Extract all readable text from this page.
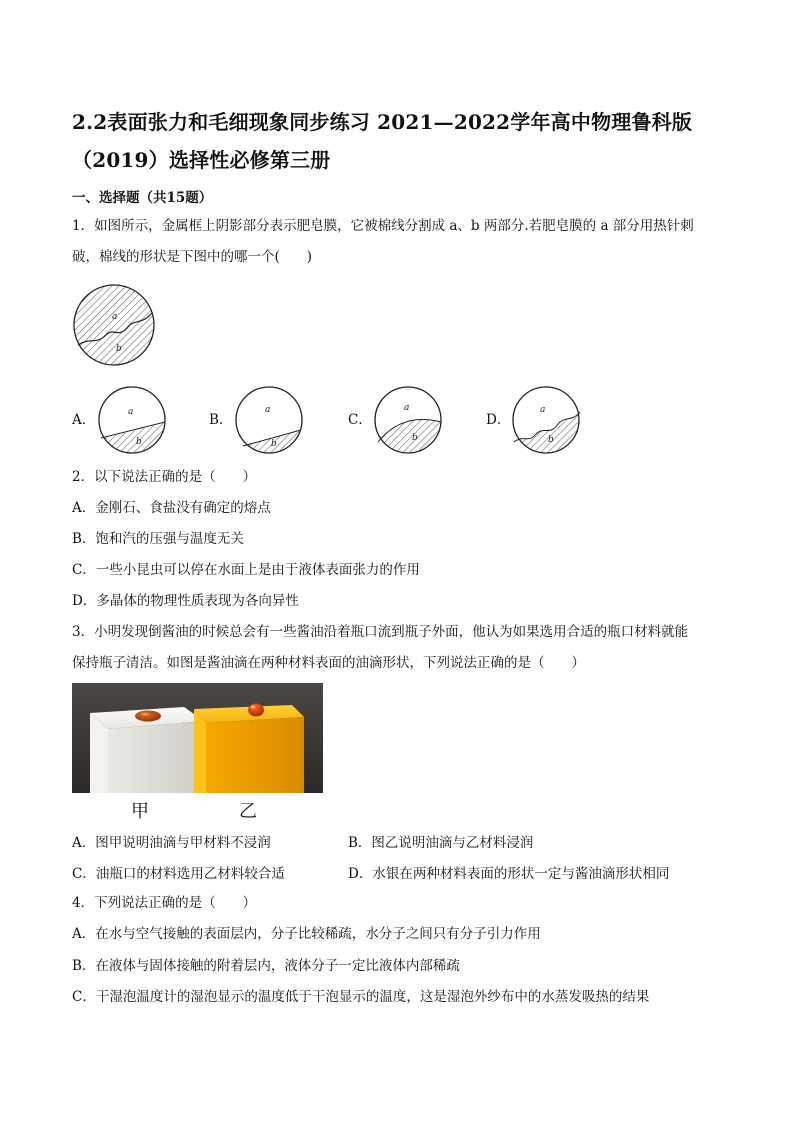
2.2表面张力和毛细现象同步练习 2021—2022学年高中物理鲁科版（2019）选择性必修第三册
一、选择题（共15题）
1．如图所示，金属框上阴影部分表示肥皂膜，它被棉线分割成 a、b 两部分.若肥皂膜的 a 部分用热针刺
破，棉线的形状是下图中的哪一个(　　)
a
b
A．	a
b
B．
a
b
C．
a
b
D．
a
b
2．以下说法正确的是（　　）
A．金刚石、食盐没有确定的熔点
B．饱和汽的压强与温度无关
C．一些小昆虫可以停在水面上是由于液体表面张力的作用
D．多晶体的物理性质表现为各向异性
3．小明发现倒酱油的时候总会有一些酱油沿着瓶口流到瓶子外面，他认为如果选用合适的瓶口材料就能
保持瓶子清洁。如图是酱油滴在两种材料表面的油滴形状，下列说法正确的是（　　）
甲	乙
A．图甲说明油滴与甲材料不浸润	B．图乙说明油滴与乙材料浸润
C．油瓶口的材料选用乙材料较合适	D．水银在两种材料表面的形状一定与酱油滴形状相同
4．下列说法正确的是（　　）
A．在水与空气接触的表面层内，分子比较稀疏，水分子之间只有分子引力作用
B．在液体与固体接触的附着层内，液体分子一定比液体内部稀疏
C．干湿泡温度计的湿泡显示的温度低于干泡显示的温度，这是湿泡外纱布中的水蒸发吸热的结果
